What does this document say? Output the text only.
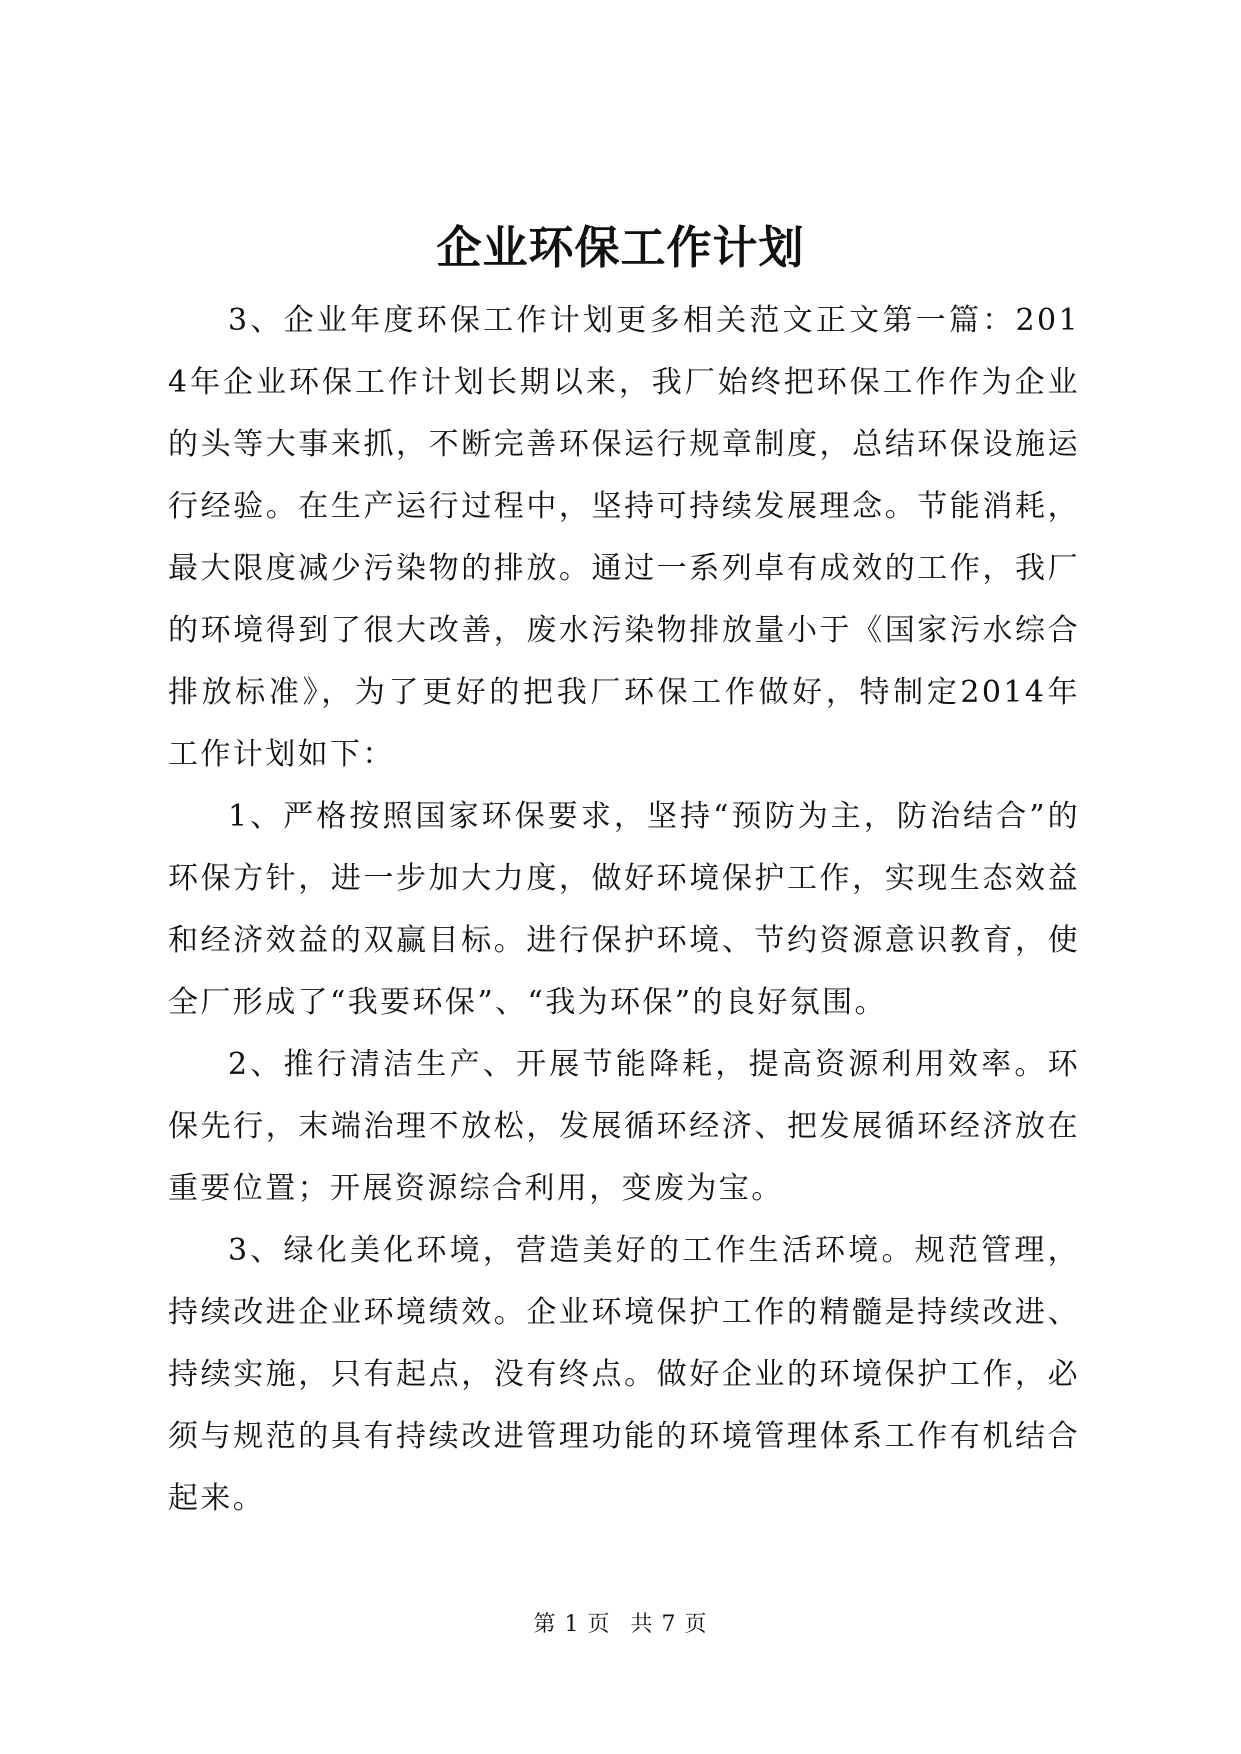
企业环保工作计划

3、企业年度环保工作计划更多相关范文正文第一篇：2014年企业环保工作计划长期以来，我厂始终把环保工作作为企业的头等大事来抓，不断完善环保运行规章制度，总结环保设施运行经验。在生产运行过程中，坚持可持续发展理念。节能消耗，最大限度减少污染物的排放。通过一系列卓有成效的工作，我厂的环境得到了很大改善，废水污染物排放量小于《国家污水综合排放标准》，为了更好的把我厂环保工作做好，特制定2014年工作计划如下：

1、严格按照国家环保要求，坚持“预防为主，防治结合”的环保方针，进一步加大力度，做好环境保护工作，实现生态效益和经济效益的双赢目标。进行保护环境、节约资源意识教育，使全厂形成了“我要环保”、“我为环保”的良好氛围。

2、推行清洁生产、开展节能降耗，提高资源利用效率。环保先行，末端治理不放松，发展循环经济、把发展循环经济放在重要位置；开展资源综合利用，变废为宝。

3、绿化美化环境，营造美好的工作生活环境。规范管理，持续改进企业环境绩效。企业环境保护工作的精髓是持续改进、持续实施，只有起点，没有终点。做好企业的环境保护工作，必须与规范的具有持续改进管理功能的环境管理体系工作有机结合起来。

第 1 页 共 7 页
